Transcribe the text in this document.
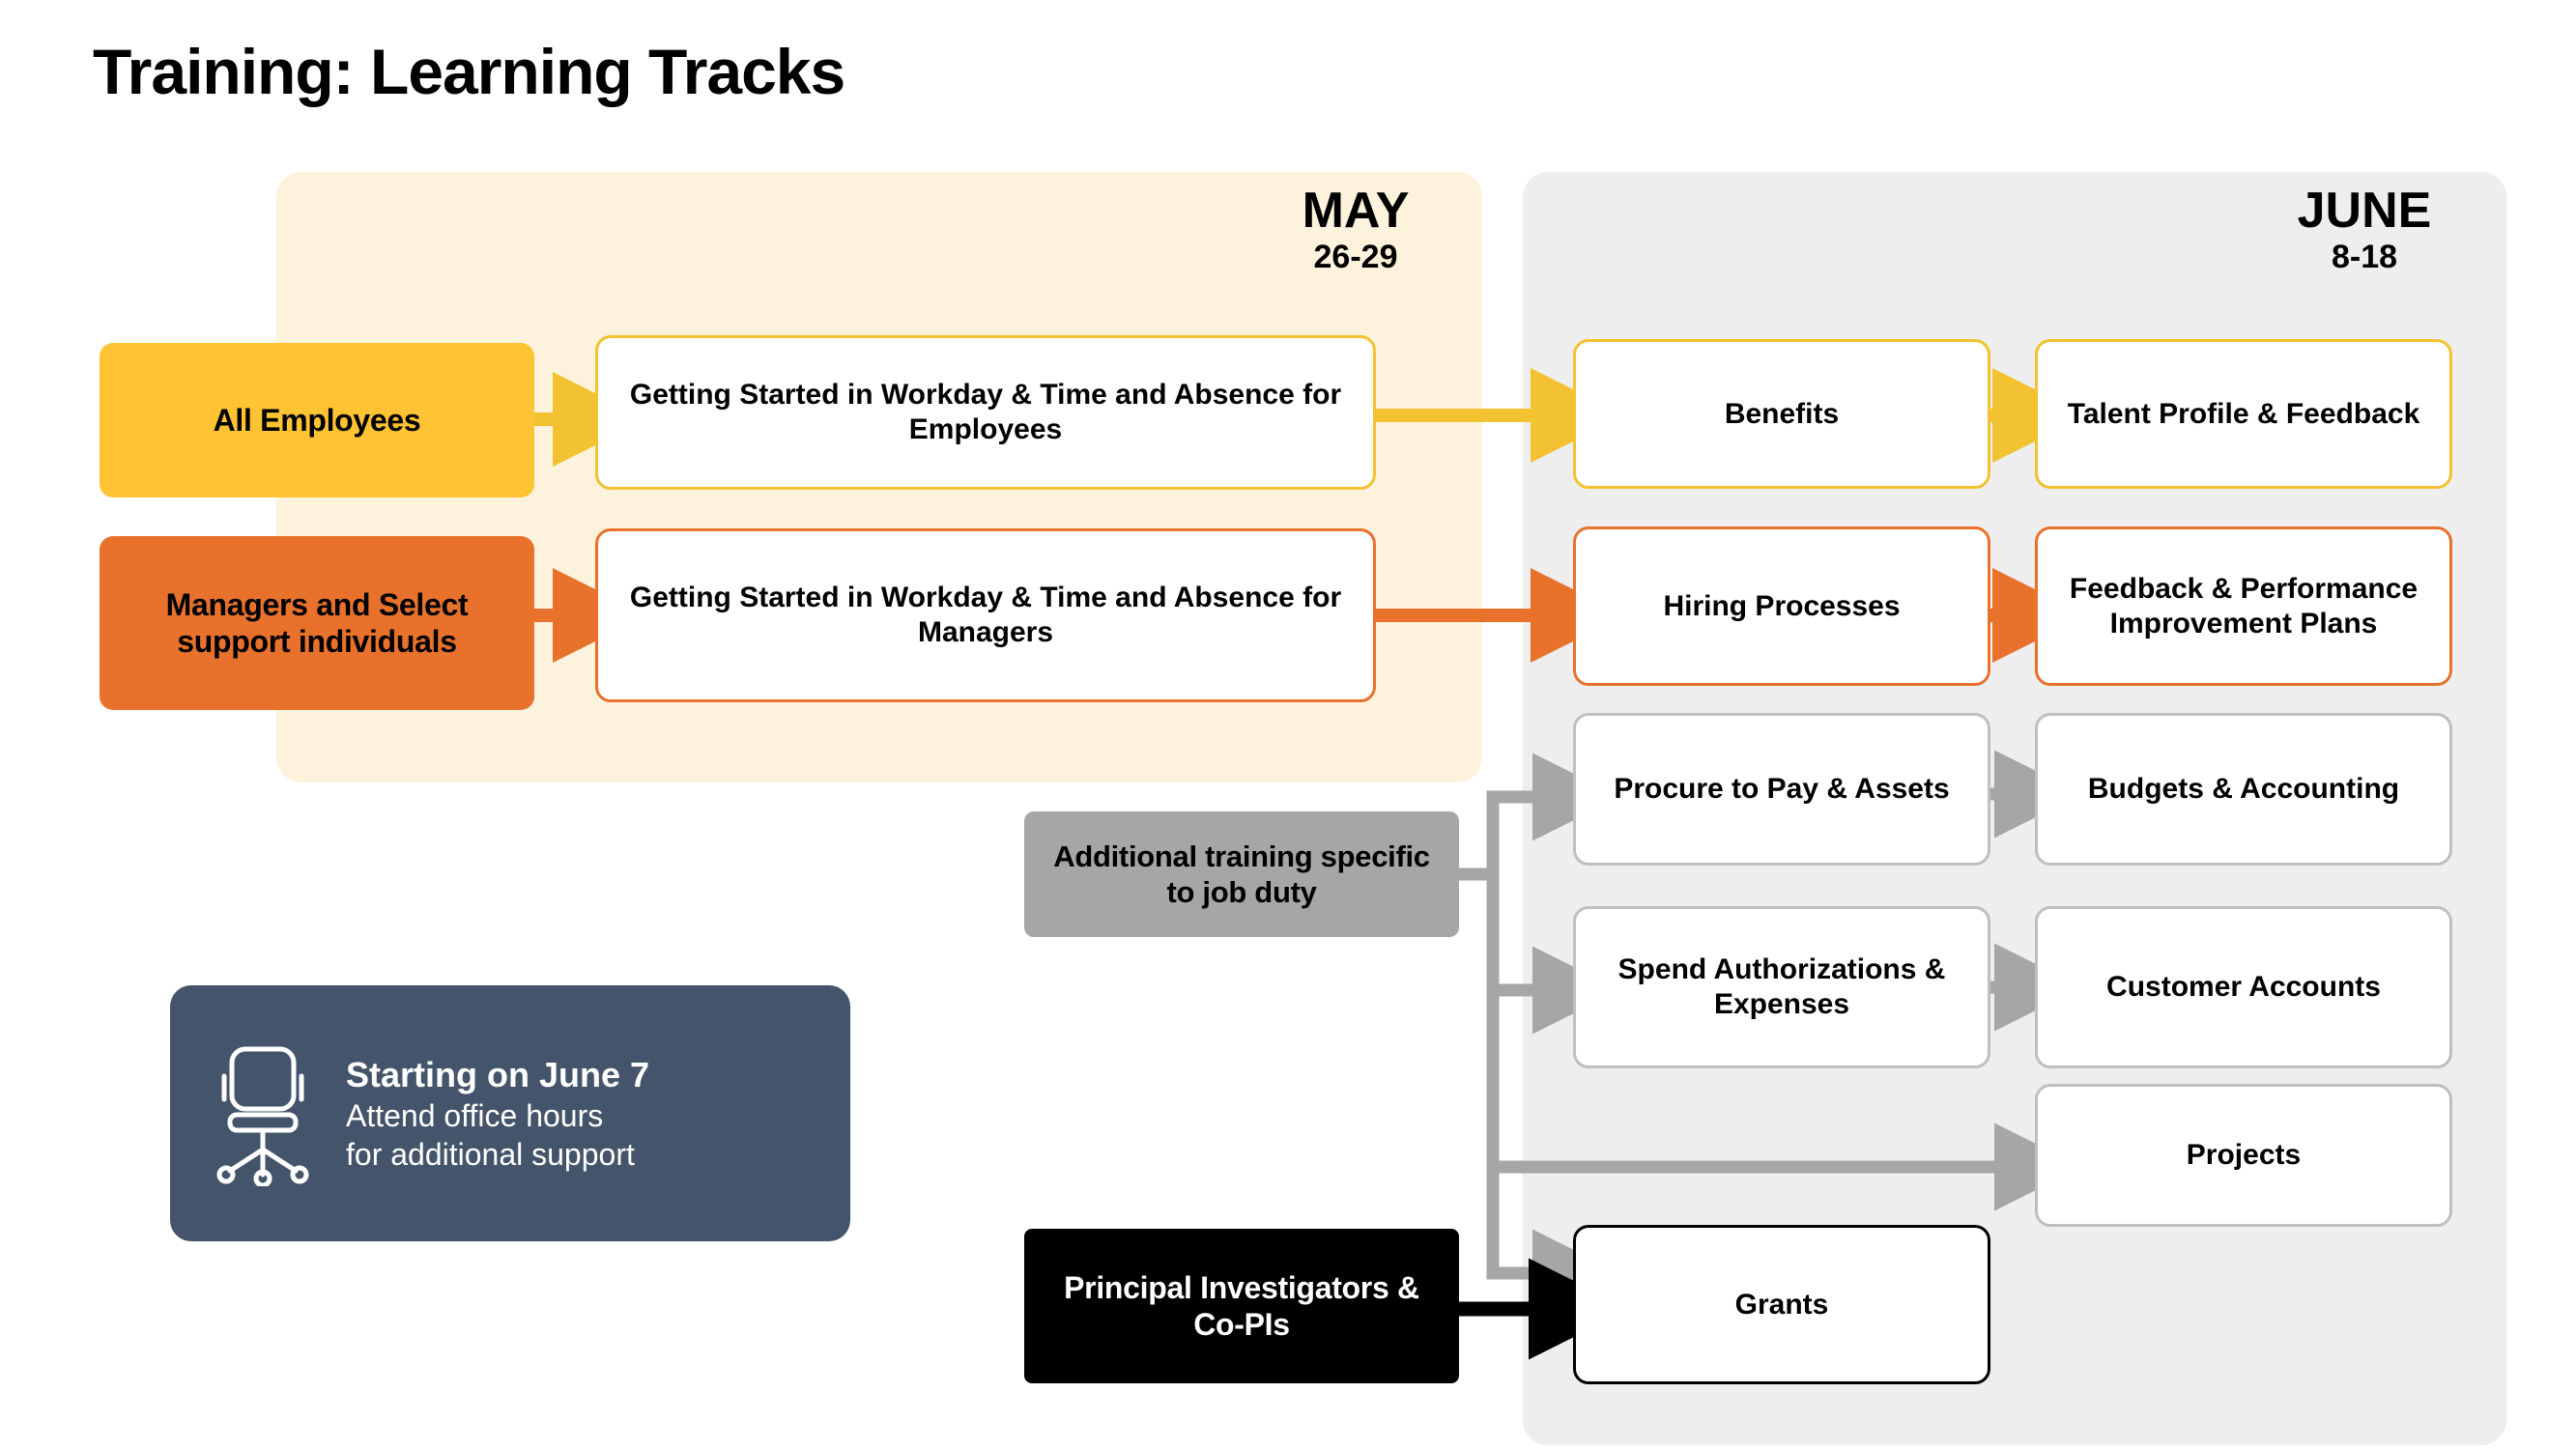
Training: Learning Tracks
MAY
26-29
JUNE
8-18
All Employees
Managers and Select support individuals
Additional training specific to job duty
Principal Investigators & Co-PIs
Getting Started in Workday & Time and Absence for Employees
Getting Started in Workday & Time and Absence for Managers
Benefits	Talent Profile & Feedback
Hiring Processes
Feedback & Performance Improvement Plans
Procure to Pay & Assets	Budgets & Accounting
Spend Authorizations & Expenses
Customer Accounts
Projects
Grants
Starting on June 7
Attend office hours
for additional support
